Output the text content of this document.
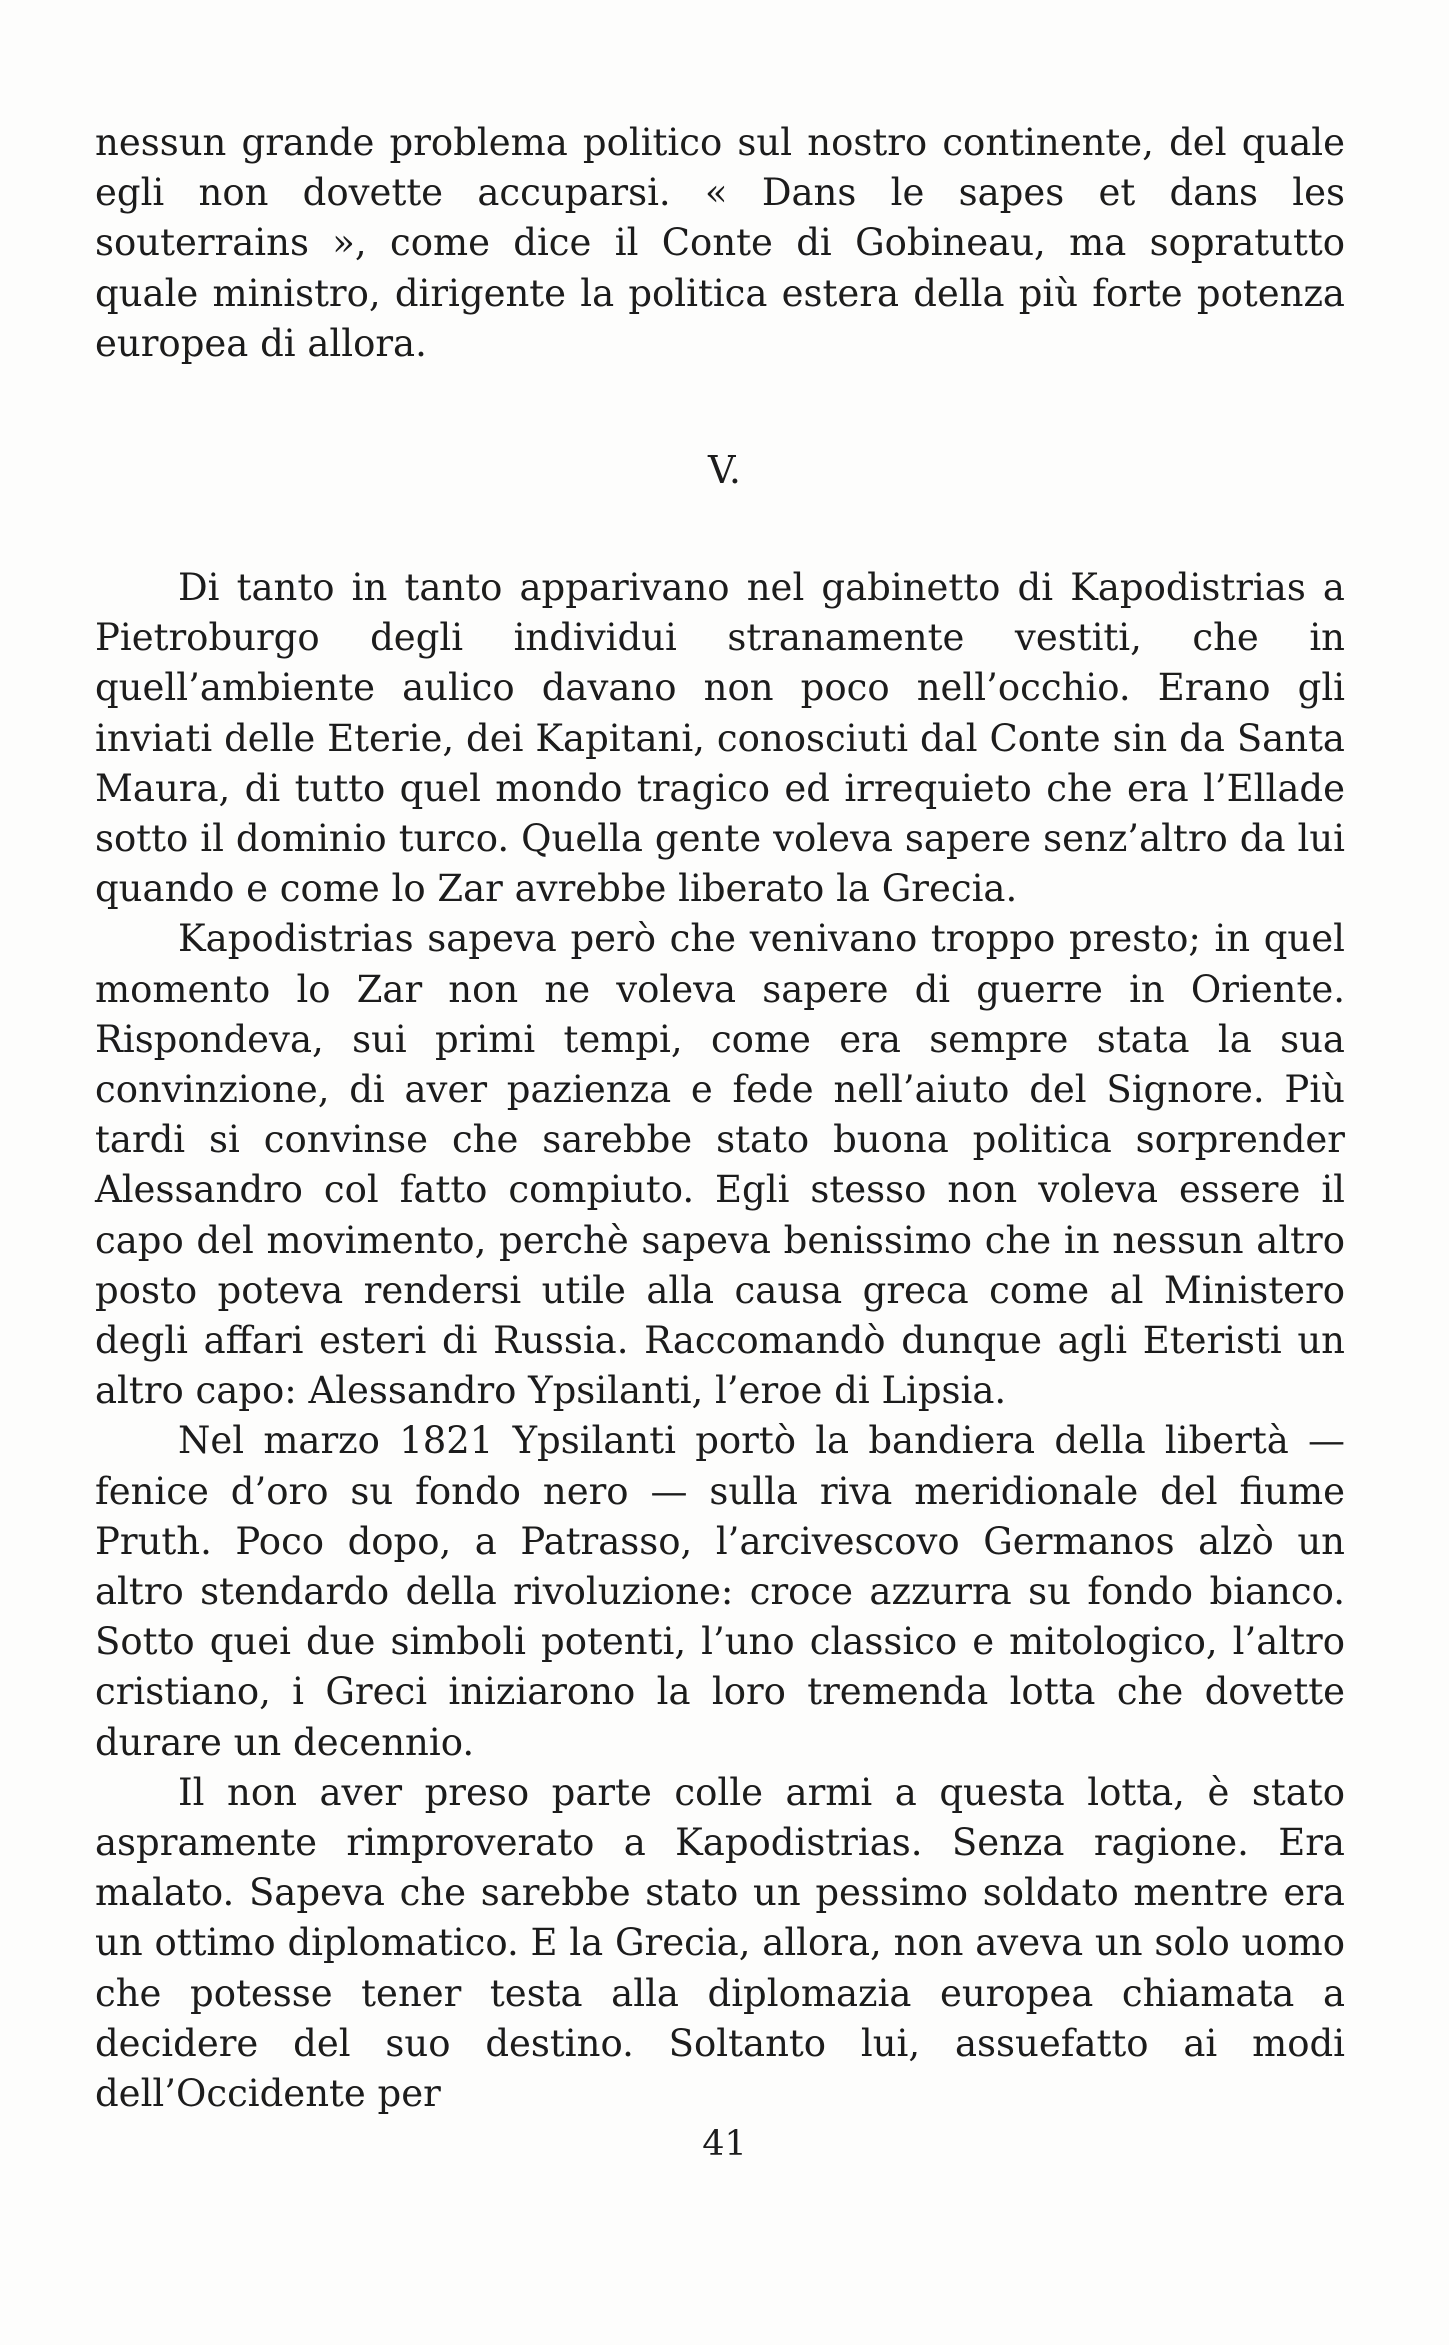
nessun grande problema politico sul nostro continente, del quale egli non dovette accuparsi. « Dans le sapes et dans les souterrains », come dice il Conte di Gobineau, ma sopratutto quale ministro, dirigente la politica estera della più forte potenza europea di allora.

V.

Di tanto in tanto apparivano nel gabinetto di Kapodistrias a Pietroburgo degli individui stranamente vestiti, che in quell’ambiente aulico davano non poco nell’occhio. Erano gli inviati delle Eterie, dei Kapitani, conosciuti dal Conte sin da Santa Maura, di tutto quel mondo tragico ed irrequieto che era l’Ellade sotto il dominio turco. Quella gente voleva sapere senz’altro da lui quando e come lo Zar avrebbe liberato la Grecia.

Kapodistrias sapeva però che venivano troppo presto; in quel momento lo Zar non ne voleva sapere di guerre in Oriente. Rispondeva, sui primi tempi, come era sempre stata la sua convinzione, di aver pazienza e fede nell’aiuto del Signore. Più tardi si convinse che sarebbe stato buona politica sorprender Alessandro col fatto compiuto. Egli stesso non voleva essere il capo del movimento, perchè sapeva benissimo che in nessun altro posto poteva rendersi utile alla causa greca come al Ministero degli affari esteri di Russia. Raccomandò dunque agli Eteristi un altro capo: Alessandro Ypsilanti, l’eroe di Lipsia.

Nel marzo 1821 Ypsilanti portò la bandiera della libertà — fenice d’oro su fondo nero — sulla riva meridionale del fiume Pruth. Poco dopo, a Patrasso, l’arcivescovo Germanos alzò un altro stendardo della rivoluzione: croce azzurra su fondo bianco. Sotto quei due simboli potenti, l’uno classico e mitologico, l’altro cristiano, i Greci iniziarono la loro tremenda lotta che dovette durare un decennio.

Il non aver preso parte colle armi a questa lotta, è stato aspramente rimproverato a Kapodistrias. Senza ragione. Era malato. Sapeva che sarebbe stato un pessimo soldato mentre era un ottimo diplomatico. E la Grecia, allora, non aveva un solo uomo che potesse tener testa alla diplomazia europea chiamata a decidere del suo destino. Soltanto lui, assuefatto ai modi dell’Occidente per

41
